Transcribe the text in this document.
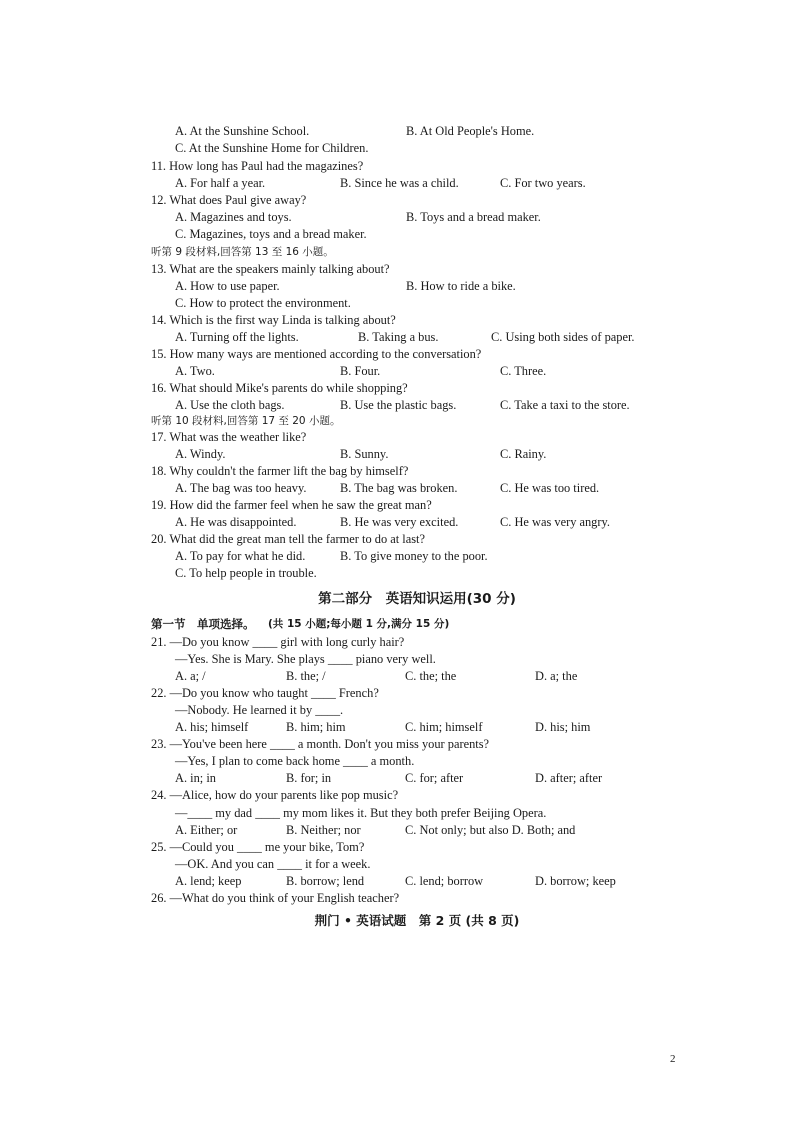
A. At the Sunshine School.	B. At Old People's Home.
C. At the Sunshine Home for Children.
11. How long has Paul had the magazines?
A. For half a year.	B. Since he was a child.	C. For two years.
12. What does Paul give away?
A. Magazines and toys.	B. Toys and a bread maker.
C. Magazines, toys and a bread maker.
听第 9 段材料,回答第 13 至 16 小题。
13. What are the speakers mainly talking about?
A. How to use paper.	B. How to ride a bike.
C. How to protect the environment.
14. Which is the first way Linda is talking about?
A. Turning off the lights.	B. Taking a bus.	C. Using both sides of paper.
15. How many ways are mentioned according to the conversation?
A. Two.	B. Four.	C. Three.
16. What should Mike's parents do while shopping?
A. Use the cloth bags.	B. Use the plastic bags.	C. Take a taxi to the store.
听第 10 段材料,回答第 17 至 20 小题。
17. What was the weather like?
A. Windy.	B. Sunny.	C. Rainy.
18. Why couldn't the farmer lift the bag by himself?
A. The bag was too heavy.	B. The bag was broken.	C. He was too tired.
19. How did the farmer feel when he saw the great man?
A. He was disappointed.	B. He was very excited.	C. He was very angry.
20. What did the great man tell the farmer to do at last?
A. To pay for what he did.	B. To give money to the poor.
C. To help people in trouble.
第二部分　英语知识运用(30 分)
第一节　单项选择。 (共 15 小题;每小题 1 分,满分 15 分)
21. —Do you know ____ girl with long curly hair?
—Yes. She is Mary. She plays ____ piano very well.
A. a; /	B. the; /	C. the; the	D. a; the
22. —Do you know who taught ____ French?
—Nobody. He learned it by ____.
A. his; himself	B. him; him	C. him; himself	D. his; him
23. —You've been here ____ a month. Don't you miss your parents?
—Yes, I plan to come back home ____ a month.
A. in; in	B. for; in	C. for; after	D. after; after
24. —Alice, how do your parents like pop music?
—____ my dad ____ my mom likes it. But they both prefer Beijing Opera.
A. Either; or	B. Neither; nor	C. Not only; but also D. Both; and
25. —Could you ____ me your bike, Tom?
—OK. And you can ____ it for a week.
A. lend; keep	B. borrow; lend	C. lend; borrow	D. borrow; keep
26. —What do you think of your English teacher?
荆门 • 英语试题　第 2 页 (共 8 页)
2
